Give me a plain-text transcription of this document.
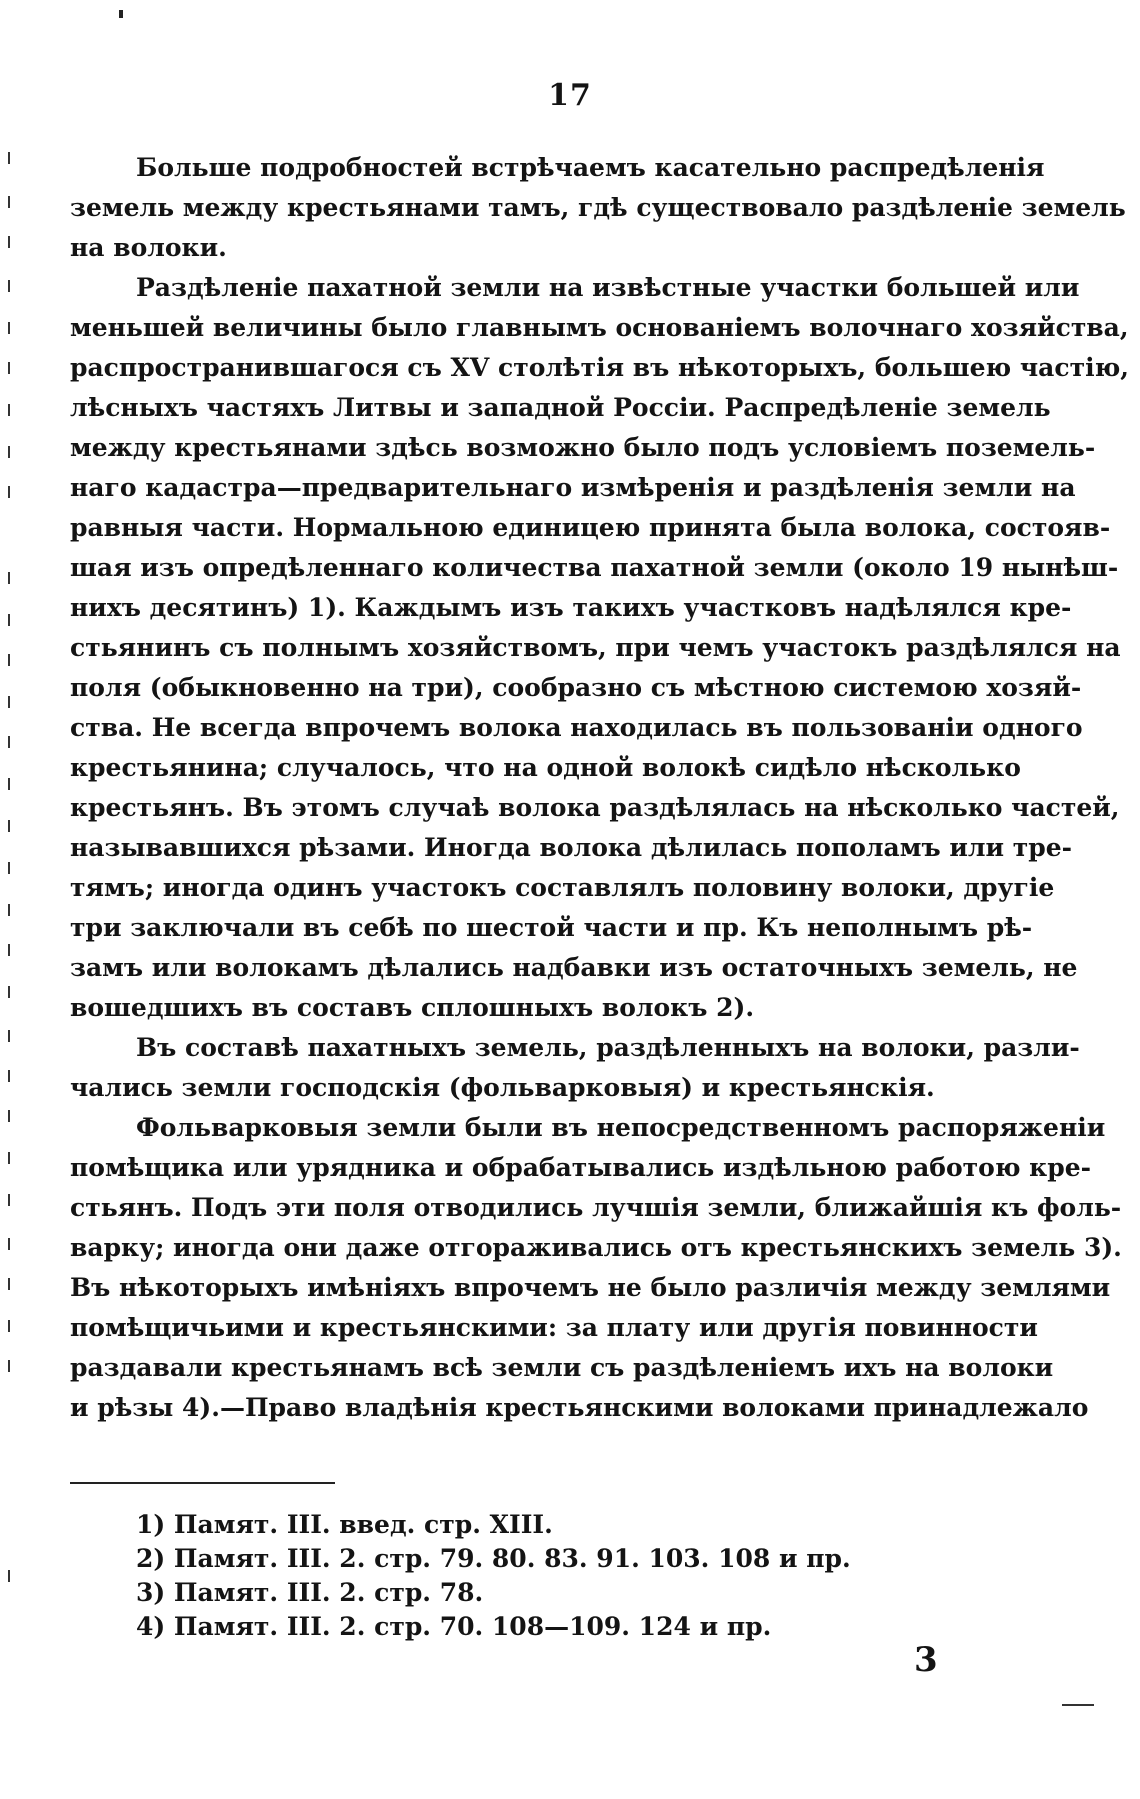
17
Больше подробностей встрѣчаемъ касательно распредѣленія
земель между крестьянами тамъ, гдѣ существовало раздѣленіе земель
на волоки.
Раздѣленіе пахатной земли на извѣстные участки большей или
меньшей величины было главнымъ основаніемъ волочнаго хозяйства,
распространившагося съ XV столѣтія въ нѣкоторыхъ, большею частію,
лѣсныхъ частяхъ Литвы и западной Россіи. Распредѣленіе земель
между крестьянами здѣсь возможно было подъ условіемъ поземель-
наго кадастра—предварительнаго измѣренія и раздѣленія земли на
равныя части. Нормальною единицею принята была волока, состояв-
шая изъ опредѣленнаго количества пахатной земли (около 19 нынѣш-
нихъ десятинъ) 1). Каждымъ изъ такихъ участковъ надѣлялся кре-
стьянинъ съ полнымъ хозяйствомъ, при чемъ участокъ раздѣлялся на
поля (обыкновенно на три), сообразно съ мѣстною системою хозяй-
ства. Не всегда впрочемъ волока находилась въ пользованіи одного
крестьянина; случалось, что на одной волокѣ сидѣло нѣсколько
крестьянъ. Въ этомъ случаѣ волока раздѣлялась на нѣсколько частей,
называвшихся рѣзами. Иногда волока дѣлилась пополамъ или тре-
тямъ; иногда одинъ участокъ составлялъ половину волоки, другіе
три заключали въ себѣ по шестой части и пр. Къ неполнымъ рѣ-
замъ или волокамъ дѣлались надбавки изъ остаточныхъ земель, не
вошедшихъ въ составъ сплошныхъ волокъ 2).
Въ составѣ пахатныхъ земель, раздѣленныхъ на волоки, разли-
чались земли господскія (фольварковыя) и крестьянскія.
Фольварковыя земли были въ непосредственномъ распоряженіи
помѣщика или урядника и обрабатывались издѣльною работою кре-
стьянъ. Подъ эти поля отводились лучшія земли, ближайшія къ фоль-
варку; иногда они даже отгораживались отъ крестьянскихъ земель 3).
Въ нѣкоторыхъ имѣніяхъ впрочемъ не было различія между землями
помѣщичьими и крестьянскими: за плату или другія повинности
раздавали крестьянамъ всѣ земли съ раздѣленіемъ ихъ на волоки
и рѣзы 4).—Право владѣнія крестьянскими волоками принадлежало
1) Памят. III. введ. стр. XIII.
2) Памят. III. 2. стр. 79. 80. 83. 91. 103. 108 и пр.
3) Памят. III. 2. стр. 78.
4) Памят. III. 2. стр. 70. 108—109. 124 и пр.
3
